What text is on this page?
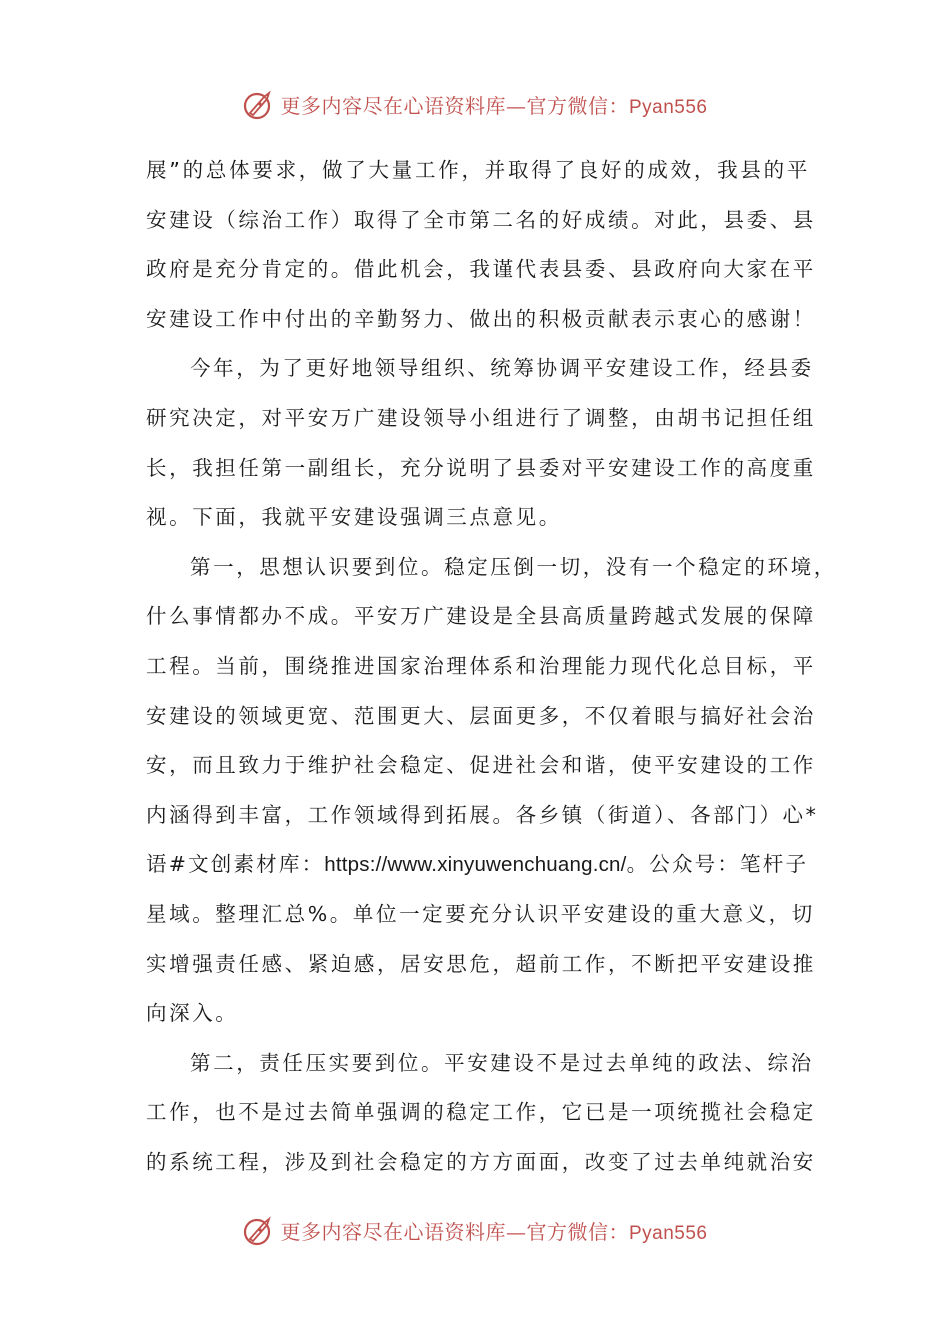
更多内容尽在心语资料库—官方微信：Pyan556
展”的总体要求，做了大量工作，并取得了良好的成效，我县的平
安建设（综治工作）取得了全市第二名的好成绩。对此，县委、县
政府是充分肯定的。借此机会，我谨代表县委、县政府向大家在平
安建设工作中付出的辛勤努力、做出的积极贡献表示衷心的感谢！
今年，为了更好地领导组织、统筹协调平安建设工作，经县委
研究决定，对平安万广建设领导小组进行了调整，由胡书记担任组
长，我担任第一副组长，充分说明了县委对平安建设工作的高度重
视。下面，我就平安建设强调三点意见。
第一，思想认识要到位。稳定压倒一切，没有一个稳定的环境，
什么事情都办不成。平安万广建设是全县高质量跨越式发展的保障
工程。当前，围绕推进国家治理体系和治理能力现代化总目标，平
安建设的领域更宽、范围更大、层面更多，不仅着眼与搞好社会治
安，而且致力于维护社会稳定、促进社会和谐，使平安建设的工作
内涵得到丰富，工作领域得到拓展。各乡镇（街道）、各部门）心*
语#文创素材库：https://www.xinyuwenchuang.cn/。公众号：笔杆子
星域。整理汇总%。单位一定要充分认识平安建设的重大意义，切
实增强责任感、紧迫感，居安思危，超前工作，不断把平安建设推
向深入。
第二，责任压实要到位。平安建设不是过去单纯的政法、综治
工作，也不是过去简单强调的稳定工作，它已是一项统揽社会稳定
的系统工程，涉及到社会稳定的方方面面，改变了过去单纯就治安
更多内容尽在心语资料库—官方微信：Pyan556
